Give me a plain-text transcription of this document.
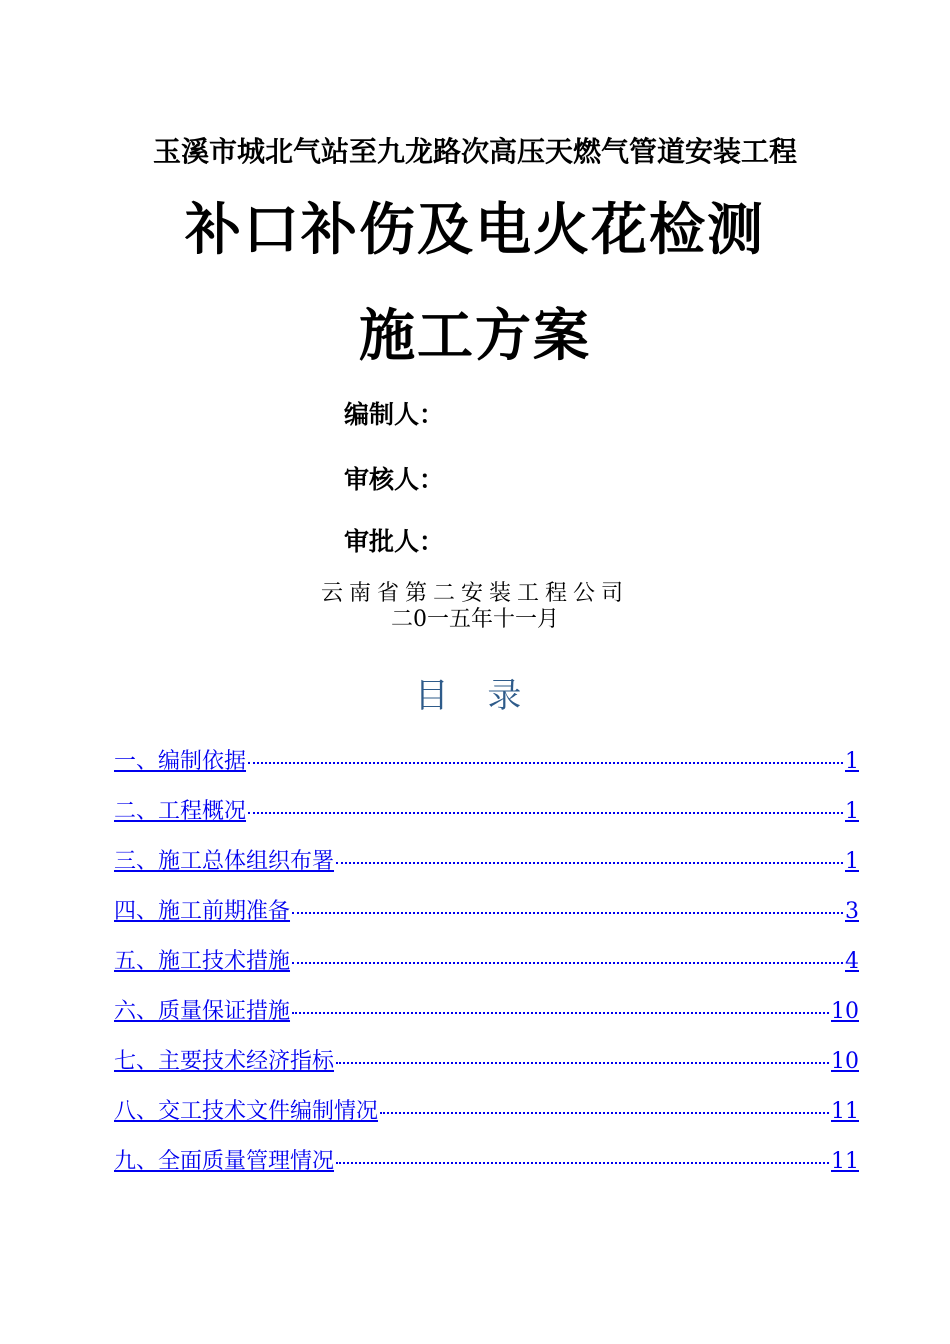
玉溪市城北气站至九龙路次高压天燃气管道安装工程
补口补伤及电火花检测
施工方案
编制人：
审核人：
审批人：
云南省第二安装工程公司
二0一五年十一月
目 录
一、编制依据	1
二、工程概况	1
三、施工总体组织布署	1
四、施工前期准备	3
五、施工技术措施	4
六、质量保证措施	10
七、主要技术经济指标	10
八、交工技术文件编制情况	11
九、全面质量管理情况	11
